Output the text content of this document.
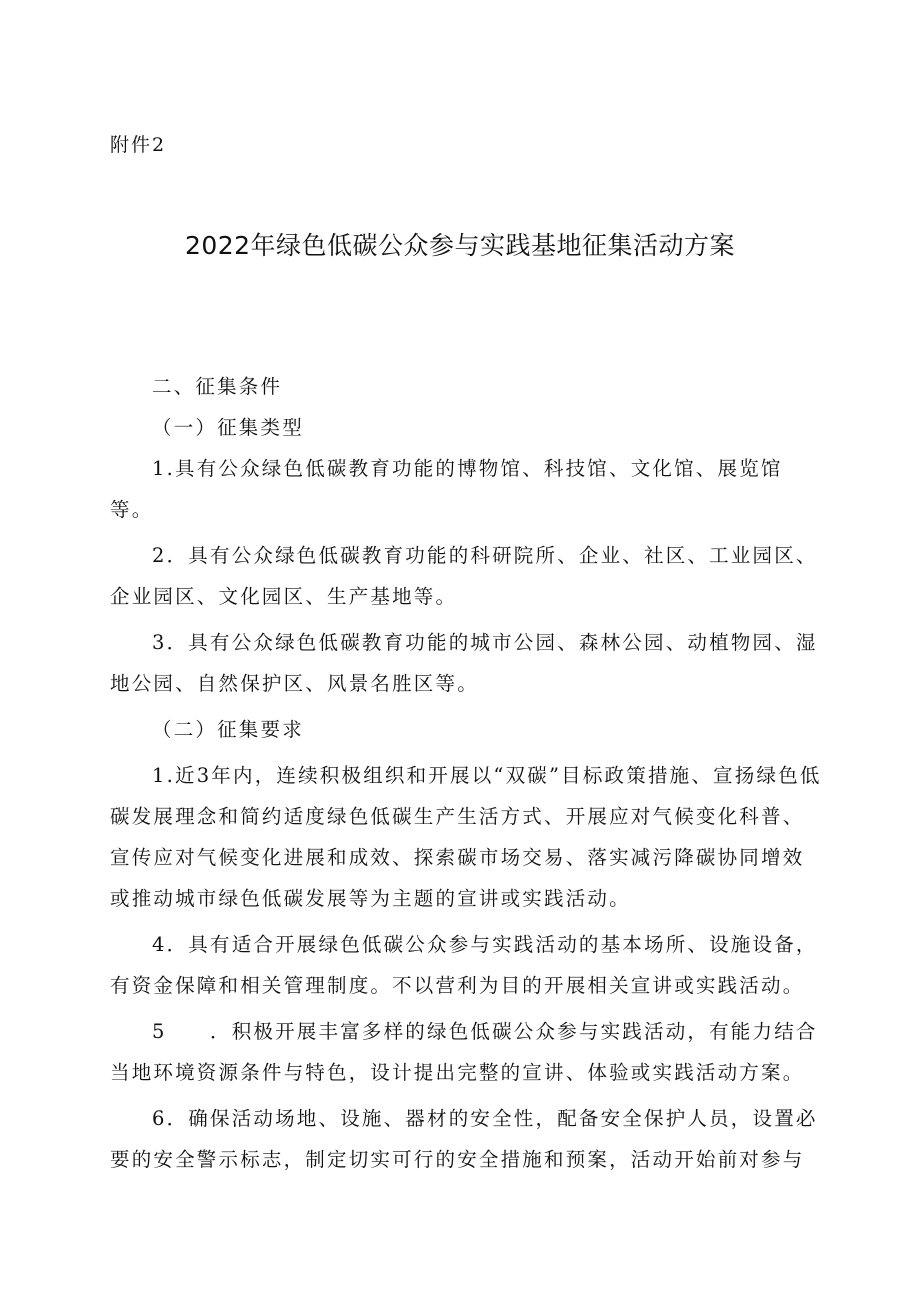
附件2

2022年绿色低碳公众参与实践基地征集活动方案

二、征集条件

（一）征集类型

1.具有公众绿色低碳教育功能的博物馆、科技馆、文化馆、展览馆等。

2．具有公众绿色低碳教育功能的科研院所、企业、社区、工业园区、企业园区、文化园区、生产基地等。

3．具有公众绿色低碳教育功能的城市公园、森林公园、动植物园、湿地公园、自然保护区、风景名胜区等。

（二）征集要求

1.近3年内，连续积极组织和开展以“双碳”目标政策措施、宣扬绿色低碳发展理念和简约适度绿色低碳生产生活方式、开展应对气候变化科普、宣传应对气候变化进展和成效、探索碳市场交易、落实减污降碳协同增效或推动城市绿色低碳发展等为主题的宣讲或实践活动。

4．具有适合开展绿色低碳公众参与实践活动的基本场所、设施设备，有资金保障和相关管理制度。不以营利为目的开展相关宣讲或实践活动。

5　　．积极开展丰富多样的绿色低碳公众参与实践活动，有能力结合当地环境资源条件与特色，设计提出完整的宣讲、体验或实践活动方案。

6．确保活动场地、设施、器材的安全性，配备安全保护人员，设置必要的安全警示标志，制定切实可行的安全措施和预案，活动开始前对参与
